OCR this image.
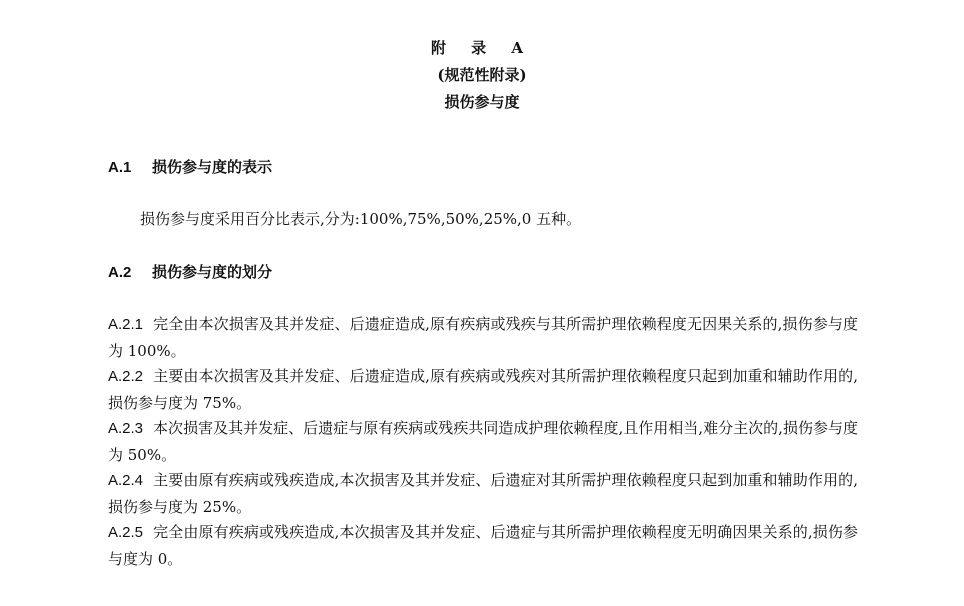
附 录 A
(规范性附录)
损伤参与度
A.1 损伤参与度的表示
损伤参与度采用百分比表示,分为:100%,75%,50%,25%,0 五种。
A.2 损伤参与度的划分
A.2.1 完全由本次损害及其并发症、后遗症造成,原有疾病或残疾与其所需护理依赖程度无因果关系的,损伤参与度为 100%。
A.2.2 主要由本次损害及其并发症、后遗症造成,原有疾病或残疾对其所需护理依赖程度只起到加重和辅助作用的,损伤参与度为 75%。
A.2.3 本次损害及其并发症、后遗症与原有疾病或残疾共同造成护理依赖程度,且作用相当,难分主次的,损伤参与度为 50%。
A.2.4 主要由原有疾病或残疾造成,本次损害及其并发症、后遗症对其所需护理依赖程度只起到加重和辅助作用的,损伤参与度为 25%。
A.2.5 完全由原有疾病或残疾造成,本次损害及其并发症、后遗症与其所需护理依赖程度无明确因果关系的,损伤参与度为 0。
